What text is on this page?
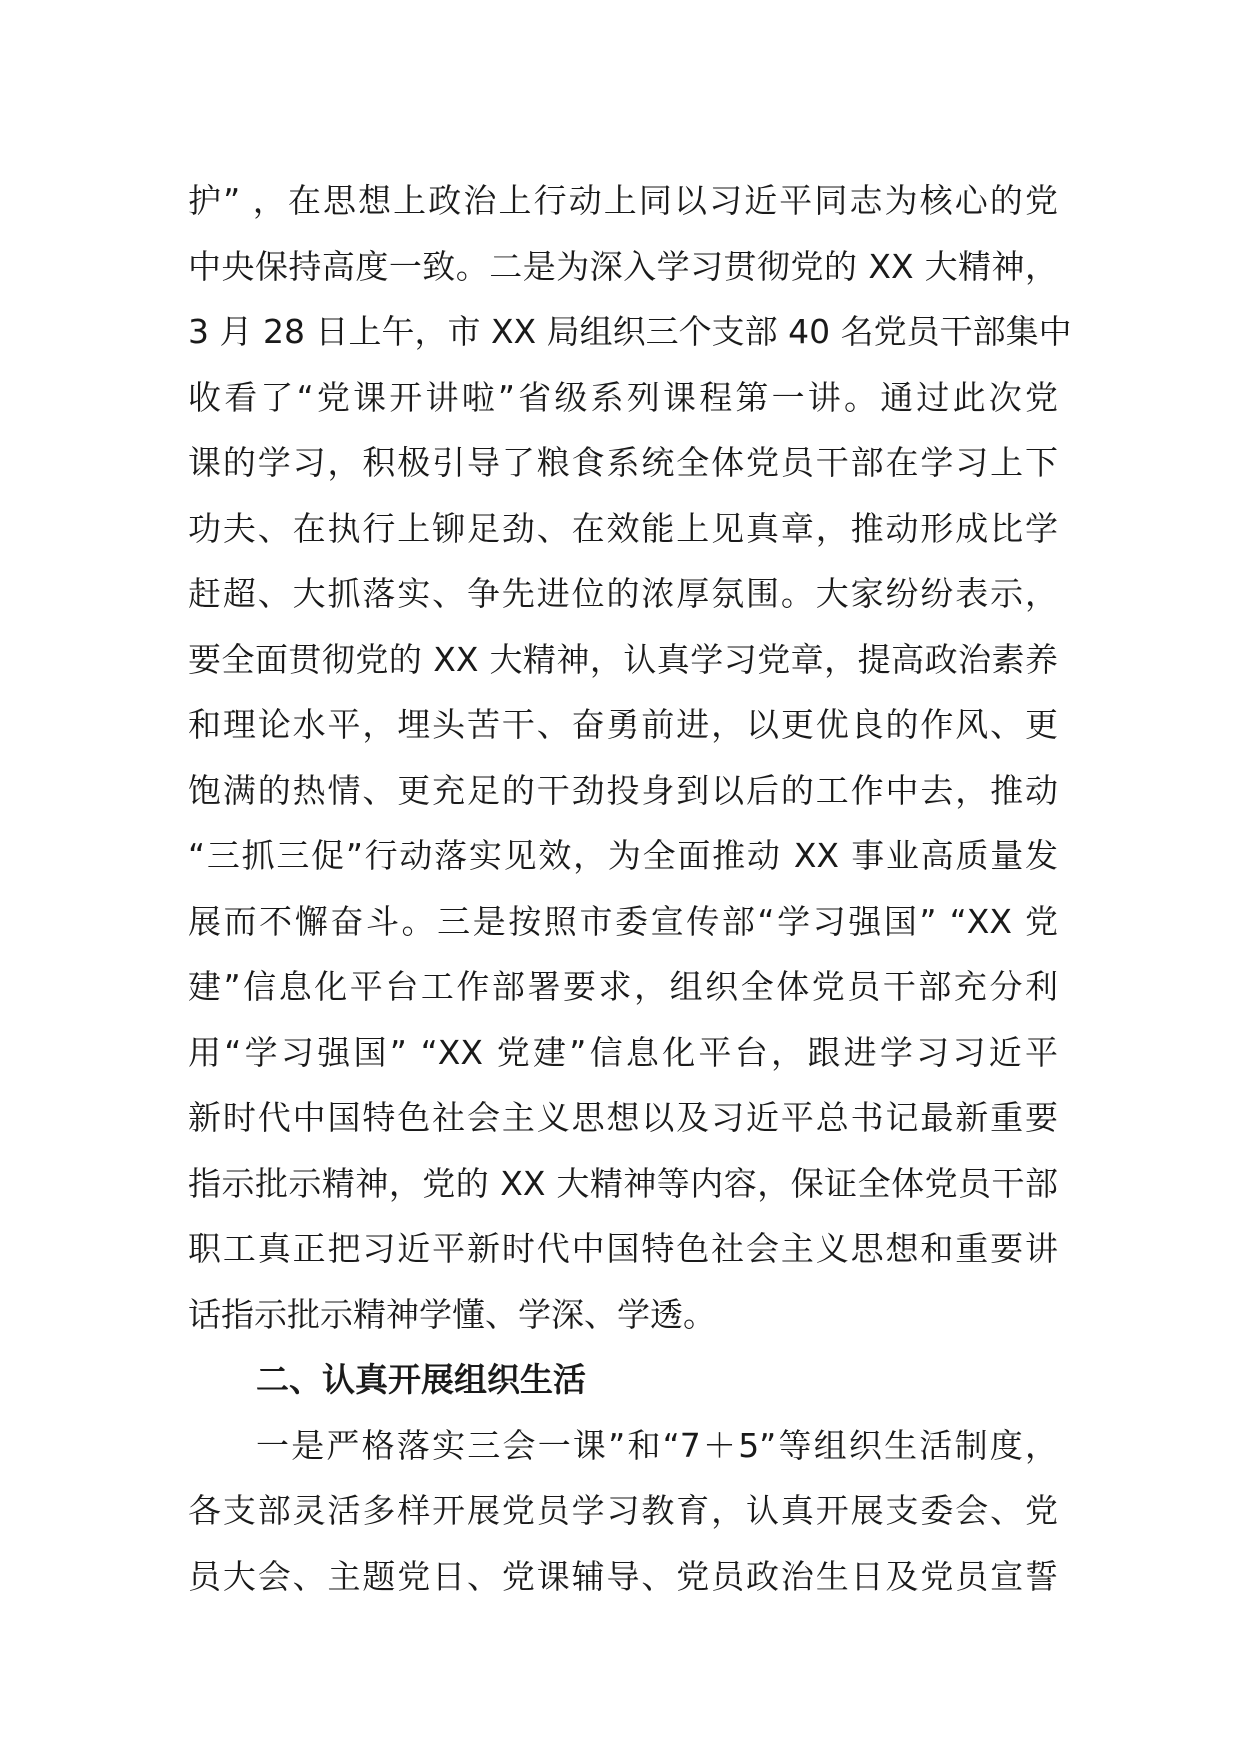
护” ，在思想上政治上行动上同以习近平同志为核心的党
中央保持高度一致。二是为深入学习贯彻党的 XX 大精神，
3 月 28 日上午，市 XX 局组织三个支部 40 名党员干部集中
收看了“党课开讲啦”省级系列课程第一讲。通过此次党
课的学习，积极引导了粮食系统全体党员干部在学习上下
功夫、在执行上铆足劲、在效能上见真章，推动形成比学
赶超、大抓落实、争先进位的浓厚氛围。大家纷纷表示，
要全面贯彻党的 XX 大精神，认真学习党章，提高政治素养
和理论水平，埋头苦干、奋勇前进，以更优良的作风、更
饱满的热情、更充足的干劲投身到以后的工作中去，推动
“三抓三促”行动落实见效，为全面推动 XX 事业高质量发
展而不懈奋斗。三是按照市委宣传部“学习强国” “XX 党
建”信息化平台工作部署要求，组织全体党员干部充分利
用“学习强国” “XX 党建”信息化平台，跟进学习习近平
新时代中国特色社会主义思想以及习近平总书记最新重要
指示批示精神，党的 XX 大精神等内容，保证全体党员干部
职工真正把习近平新时代中国特色社会主义思想和重要讲
话指示批示精神学懂、学深、学透。
二、认真开展组织生活
一是严格落实三会一课”和“7＋5”等组织生活制度，
各支部灵活多样开展党员学习教育，认真开展支委会、党
员大会、主题党日、党课辅导、党员政治生日及党员宣誓
